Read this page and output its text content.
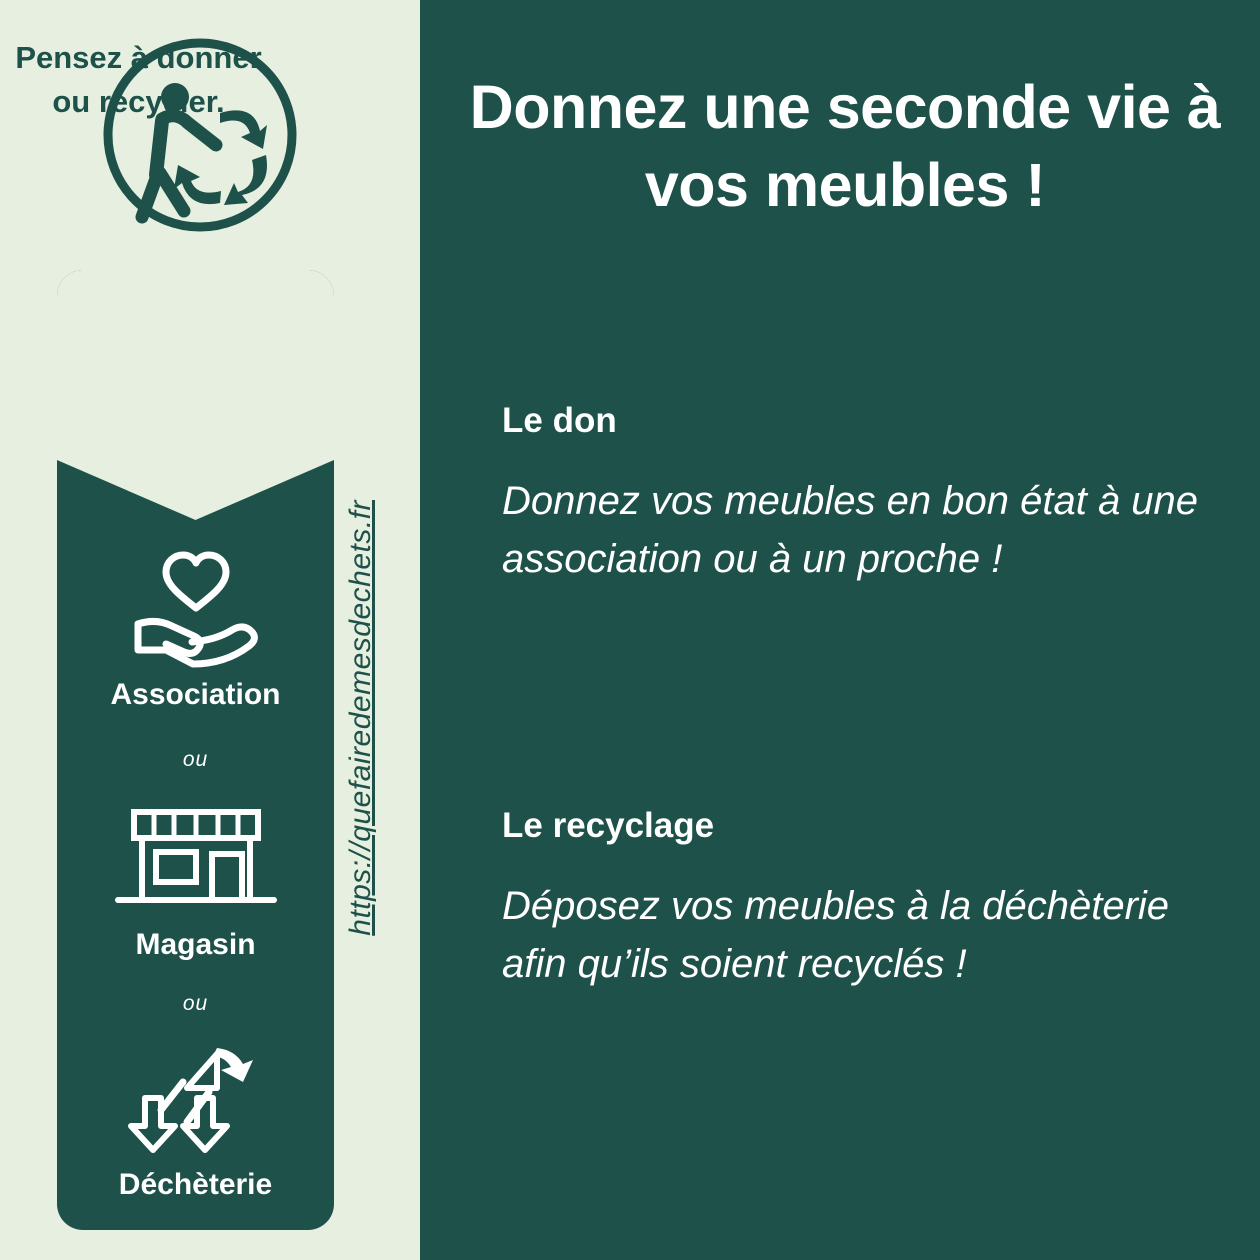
Pensez à donner ou recycler.
Association
ou
Magasin
ou
Déchèterie
https://quefairedemesdechets.fr
Donnez une seconde vie à vos meubles !
Le don
Donnez vos meubles en bon état à une association ou à un proche !
Le recyclage
Déposez vos meubles à la déchèterie afin qu’ils soient recyclés !
